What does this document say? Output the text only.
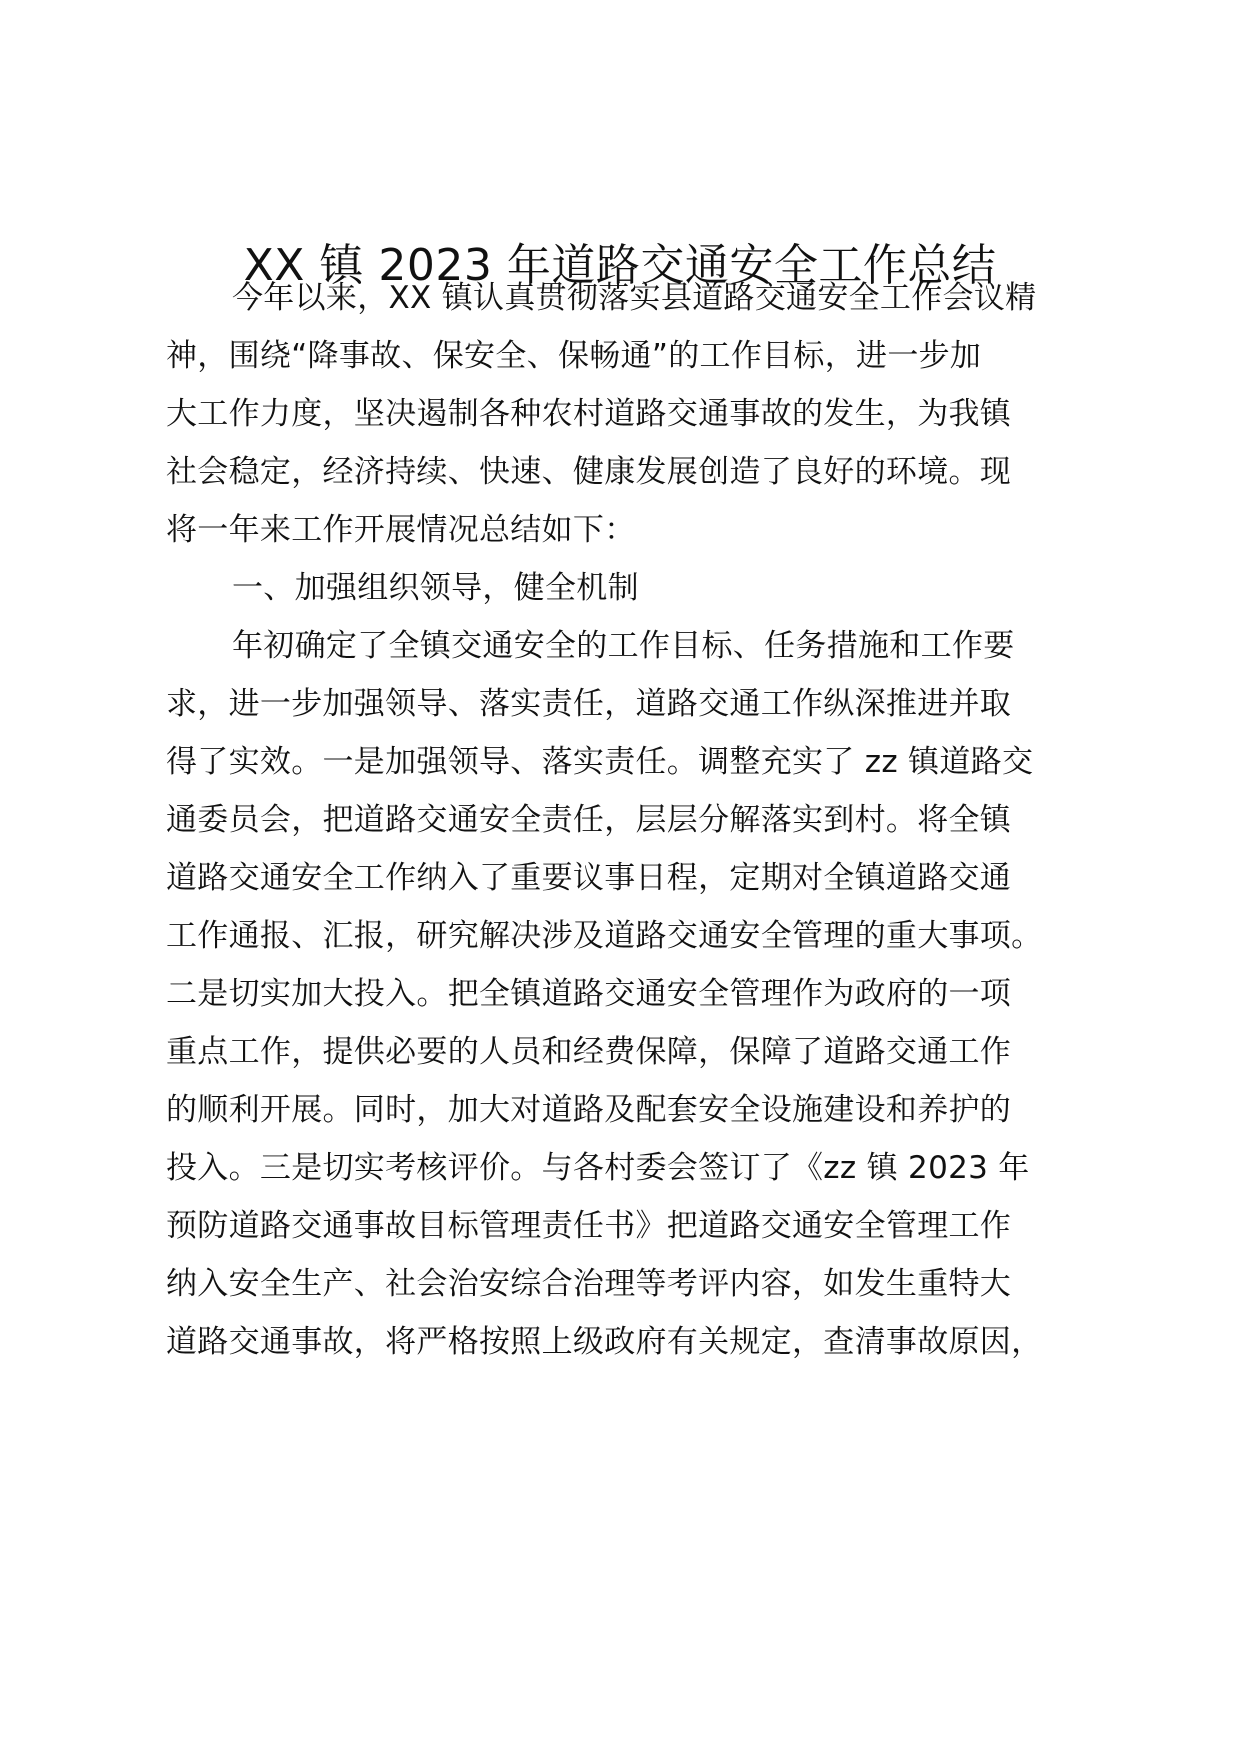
XX 镇 2023 年道路交通安全工作总结
今年以来，XX 镇认真贯彻落实县道路交通安全工作会议精
神，围绕“降事故、保安全、保畅通”的工作目标，进一步加
大工作力度，坚决遏制各种农村道路交通事故的发生，为我镇
社会稳定，经济持续、快速、健康发展创造了良好的环境。现
将一年来工作开展情况总结如下：
一、加强组织领导，健全机制
年初确定了全镇交通安全的工作目标、任务措施和工作要
求，进一步加强领导、落实责任，道路交通工作纵深推进并取
得了实效。一是加强领导、落实责任。调整充实了 zz 镇道路交
通委员会，把道路交通安全责任，层层分解落实到村。将全镇
道路交通安全工作纳入了重要议事日程，定期对全镇道路交通
工作通报、汇报，研究解决涉及道路交通安全管理的重大事项。
二是切实加大投入。把全镇道路交通安全管理作为政府的一项
重点工作，提供必要的人员和经费保障，保障了道路交通工作
的顺利开展。同时，加大对道路及配套安全设施建设和养护的
投入。三是切实考核评价。与各村委会签订了《zz 镇 2023 年
预防道路交通事故目标管理责任书》把道路交通安全管理工作
纳入安全生产、社会治安综合治理等考评内容，如发生重特大
道路交通事故，将严格按照上级政府有关规定，查清事故原因，
